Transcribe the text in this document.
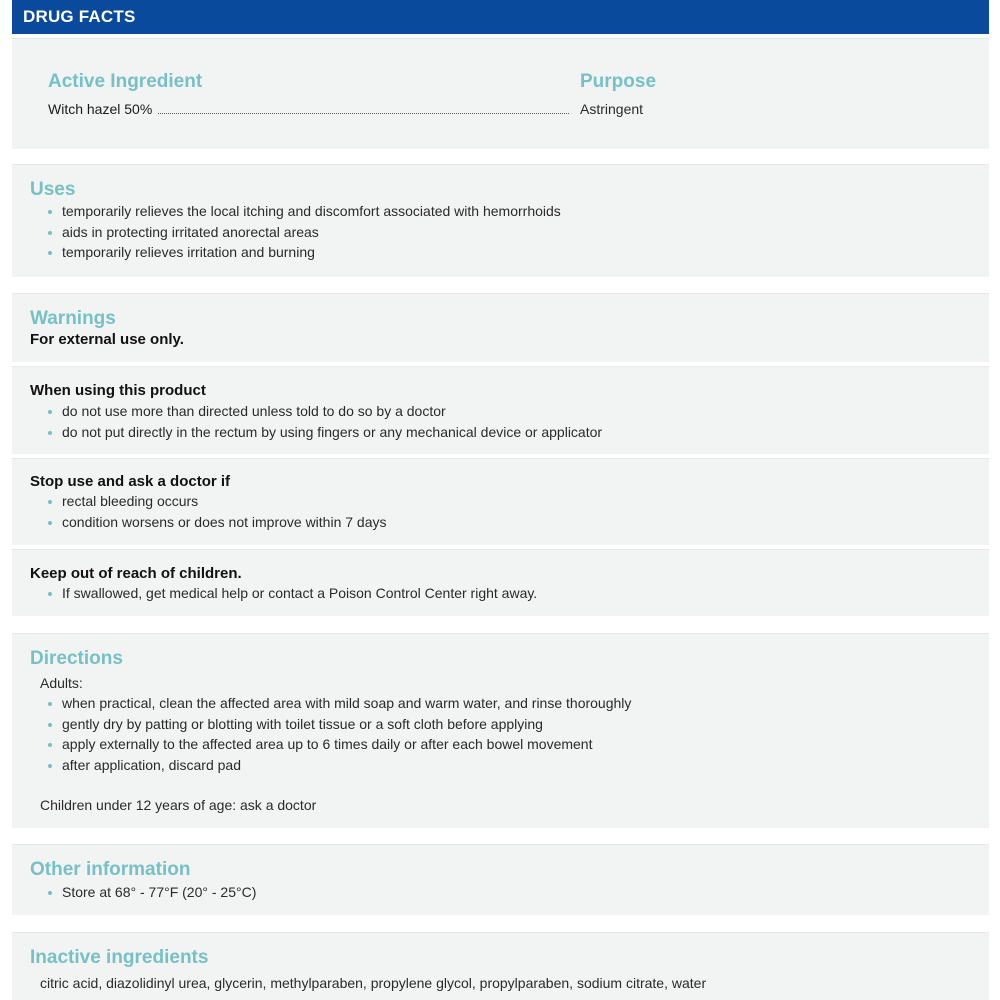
DRUG FACTS
Active Ingredient	Purpose
Witch hazel 50%	Astringent
Uses
temporarily relieves the local itching and discomfort associated with hemorrhoids
aids in protecting irritated anorectal areas
temporarily relieves irritation and burning
Warnings
For external use only.
When using this product
do not use more than directed unless told to do so by a doctor
do not put directly in the rectum by using fingers or any mechanical device or applicator
Stop use and ask a doctor if
rectal bleeding occurs
condition worsens or does not improve within 7 days
Keep out of reach of children.
If swallowed, get medical help or contact a Poison Control Center right away.
Directions
Adults:
when practical, clean the affected area with mild soap and warm water, and rinse thoroughly
gently dry by patting or blotting with toilet tissue or a soft cloth before applying
apply externally to the affected area up to 6 times daily or after each bowel movement
after application, discard pad
Children under 12 years of age: ask a doctor
Other information
Store at 68° - 77°F (20° - 25°C)
Inactive ingredients
citric acid, diazolidinyl urea, glycerin, methylparaben, propylene glycol, propylparaben, sodium citrate, water
